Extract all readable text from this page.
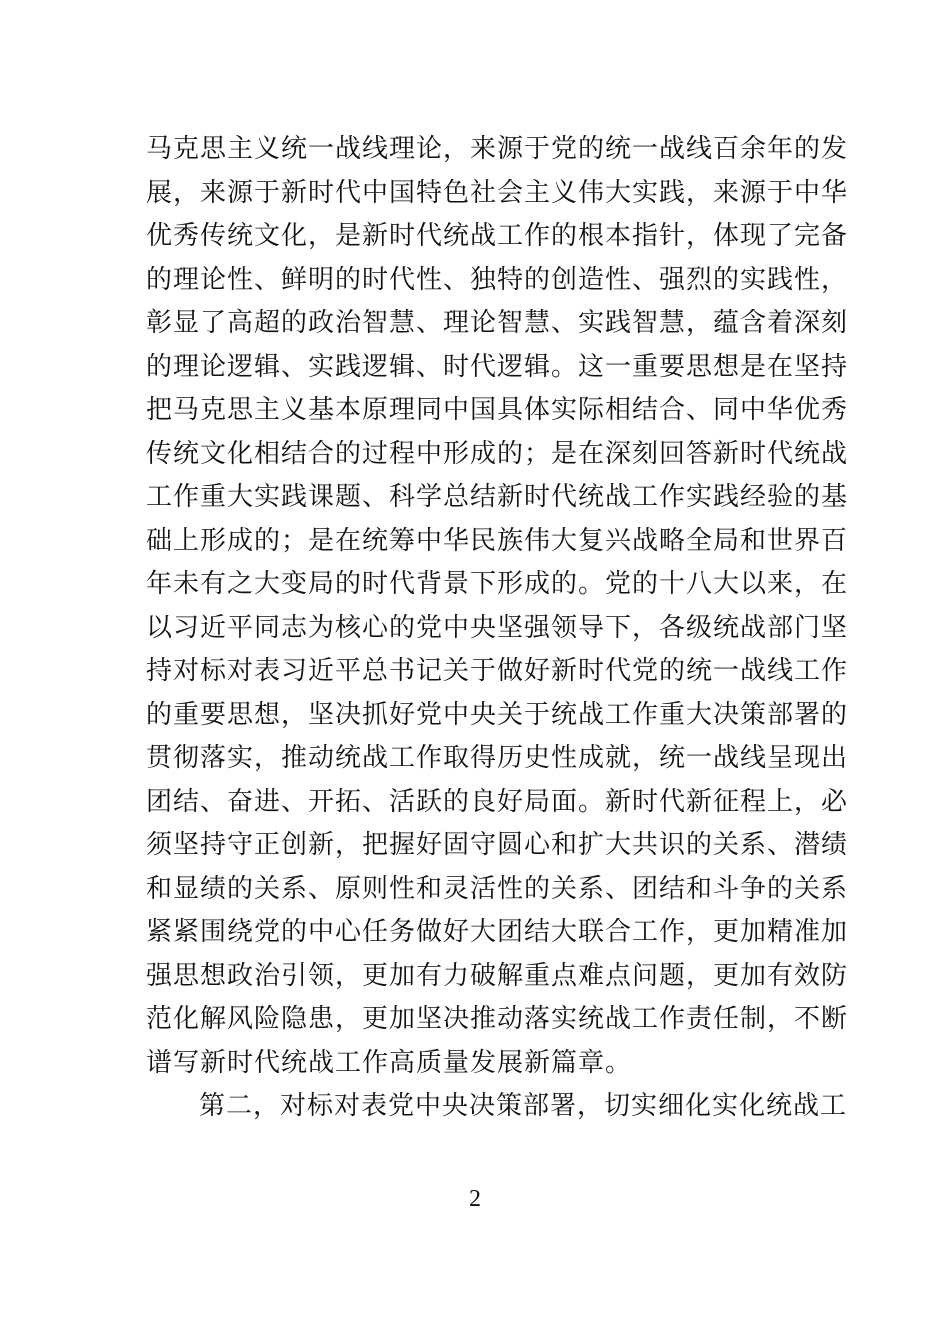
马克思主义统一战线理论，来源于党的统一战线百余年的发
展，来源于新时代中国特色社会主义伟大实践，来源于中华
优秀传统文化，是新时代统战工作的根本指针，体现了完备
的理论性、鲜明的时代性、独特的创造性、强烈的实践性，
彰显了高超的政治智慧、理论智慧、实践智慧，蕴含着深刻
的理论逻辑、实践逻辑、时代逻辑。这一重要思想是在坚持
把马克思主义基本原理同中国具体实际相结合、同中华优秀
传统文化相结合的过程中形成的；是在深刻回答新时代统战
工作重大实践课题、科学总结新时代统战工作实践经验的基
础上形成的；是在统筹中华民族伟大复兴战略全局和世界百
年未有之大变局的时代背景下形成的。党的十八大以来，在
以习近平同志为核心的党中央坚强领导下，各级统战部门坚
持对标对表习近平总书记关于做好新时代党的统一战线工作
的重要思想，坚决抓好党中央关于统战工作重大决策部署的
贯彻落实，推动统战工作取得历史性成就，统一战线呈现出
团结、奋进、开拓、活跃的良好局面。新时代新征程上，必
须坚持守正创新，把握好固守圆心和扩大共识的关系、潜绩
和显绩的关系、原则性和灵活性的关系、团结和斗争的关系
紧紧围绕党的中心任务做好大团结大联合工作，更加精准加
强思想政治引领，更加有力破解重点难点问题，更加有效防
范化解风险隐患，更加坚决推动落实统战工作责任制，不断
谱写新时代统战工作高质量发展新篇章。
第二，对标对表党中央决策部署，切实细化实化统战工
2
